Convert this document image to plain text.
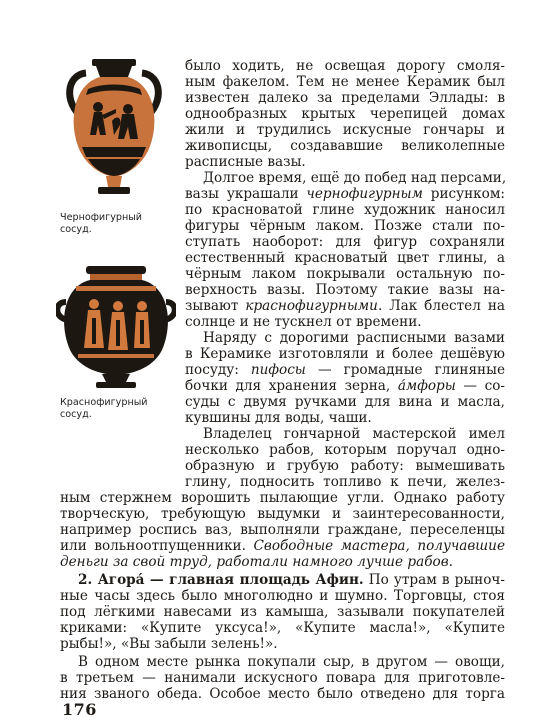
Чернофигурный
сосуд.
Краснофигурный
сосуд.
было ходить, не освещая дорогу смоля-
ным факелом. Тем не менее Керамик был
известен далеко за пределами Эллады: в
однообразных крытых черепицей домах
жили и трудились искусные гончары и
живописцы, создававшие великолепные
расписные вазы.
Долгое время, ещё до побед над персами,
вазы украшали чернофигурным рисунком:
по красноватой глине художник наносил
фигуры чёрным лаком. Позже стали по-
ступать наоборот: для фигур сохраняли
естественный красноватый цвет глины, а
чёрным лаком покрывали остальную по-
верхность вазы. Поэтому такие вазы на-
зывают краснофигурными. Лак блестел на
солнце и не тускнел от времени.
Наряду с дорогими расписными вазами
в Керамике изготовляли и более дешёвую
посуду: пифосы — громадные глиняные
бочки для хранения зерна, а́мфоры — со-
суды с двумя ручками для вина и масла,
кувшины для воды, чаши.
Владелец гончарной мастерской имел
несколько рабов, которым поручал одно-
образную и грубую работу: вымешивать
глину, подносить топливо к печи, желез-
ным стержнем ворошить пылающие угли. Однако работу
творческую, требующую выдумки и заинтересованности,
например роспись ваз, выполняли граждане, переселенцы
или вольноотпущенники. Свободные мастера, получавшие
деньги за свой труд, работали намного лучше рабов.
2. Агора́ — главная площадь Афин. По утрам в рыноч-
ные часы здесь было многолюдно и шумно. Торговцы, стоя
под лёгкими навесами из камыша, зазывали покупателей
криками: «Купите уксуса!», «Купите масла!», «Купите
рыбы!», «Вы забыли зелень!».
В одном месте рынка покупали сыр, в другом — овощи,
в третьем — нанимали искусного повара для приготовле-
ния званого обеда. Особое место было отведено для торга
176
